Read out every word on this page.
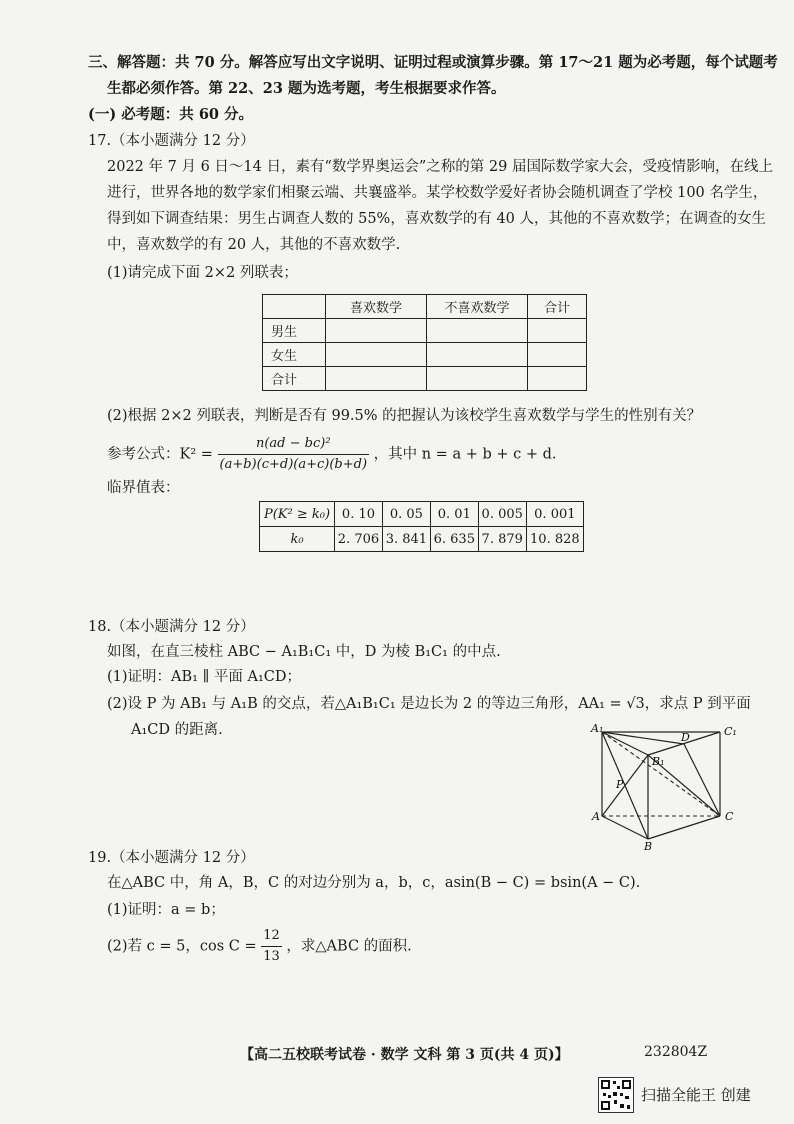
三、解答题：共 70 分。解答应写出文字说明、证明过程或演算步骤。第 17～21 题为必考题，每个试题考
生都必须作答。第 22、23 题为选考题，考生根据要求作答。
(一) 必考题：共 60 分。
17.（本小题满分 12 分）
2022 年 7 月 6 日～14 日，素有“数学界奥运会”之称的第 29 届国际数学家大会，受疫情影响，在线上
进行，世界各地的数学家们相聚云端、共襄盛举。某学校数学爱好者协会随机调查了学校 100 名学生，
得到如下调查结果：男生占调查人数的 55%，喜欢数学的有 40 人，其他的不喜欢数学；在调查的女生
中，喜欢数学的有 20 人，其他的不喜欢数学.
(1)请完成下面 2×2 列联表；
	喜欢数学	不喜欢数学	合计
男生			
女生			
合计			
(2)根据 2×2 列联表，判断是否有 99.5% 的把握认为该校学生喜欢数学与学生的性别有关？
参考公式：$K^2 = \frac{\text{n(ad − bc)²}}{(a+b)(c+d)(a+c)(b+d)}$ ，其中 n = a + b + c + d.
临界值表：
P(K² ≥ k₀)	0. 10	0. 05	0. 01	0. 005	0. 001
k₀	2. 706	3. 841	6. 635	7. 879	10. 828
18.（本小题满分 12 分）
如图，在直三棱柱 ABC − A₁B₁C₁ 中，D 为棱 B₁C₁ 的中点.
(1)证明：AB₁ ∥ 平面 A₁CD；
(2)设 P 为 AB₁ 与 A₁B 的交点，若△A₁B₁C₁ 是边长为 2 的等边三角形，AA₁ = √3，求点 P 到平面
A₁CD 的距离.	A₁
D	C₁
B₁
P
A	C
B
19.（本小题满分 12 分）
在△ABC 中，角 A，B，C 的对边分别为 a，b，c，asin(B − C) = bsin(A − C).
(1)证明：a = b；
(2)若 c = 5，$\cos C = \frac{12}{13}$ ，求△ABC 的面积.
【高二五校联考试卷 · 数学 文科 第 3 页(共 4 页)】	232804Z
扫描全能王 创建
